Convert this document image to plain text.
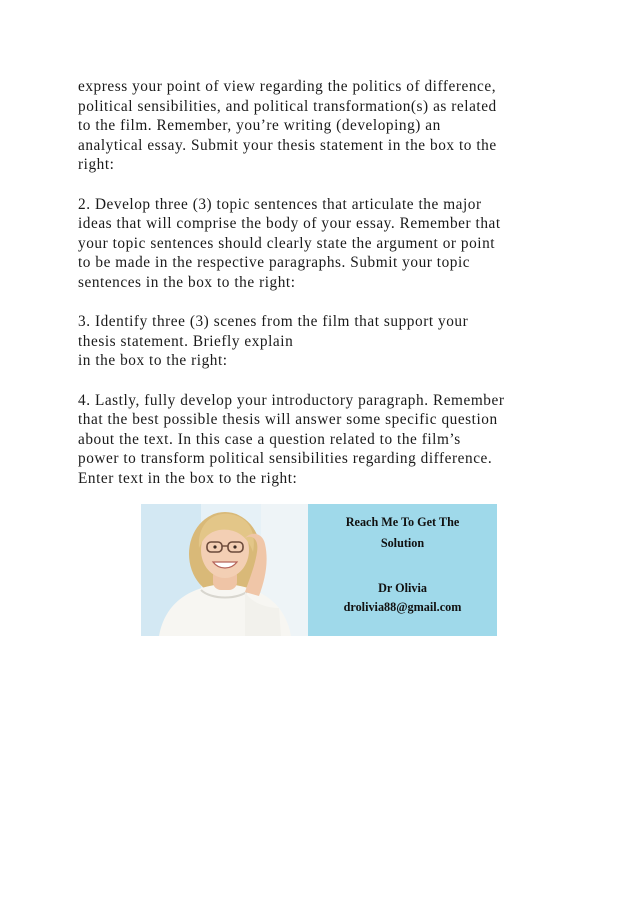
express your point of view regarding the politics of difference,
political sensibilities, and political transformation(s) as related
to the film. Remember, you’re writing (developing) an
analytical essay. Submit your thesis statement in the box to the
right:
2. Develop three (3) topic sentences that articulate the major
ideas that will comprise the body of your essay. Remember that
your topic sentences should clearly state the argument or point
to be made in the respective paragraphs. Submit your topic
sentences in the box to the right:
3. Identify three (3) scenes from the film that support your
thesis statement. Briefly explain
in the box to the right:
4. Lastly, fully develop your introductory paragraph. Remember
that the best possible thesis will answer some specific question
about the text. In this case a question related to the film’s
power to transform political sensibilities regarding difference.
Enter text in the box to the right:
Reach Me To Get The
Solution
Dr Olivia
drolivia88@gmail.com
